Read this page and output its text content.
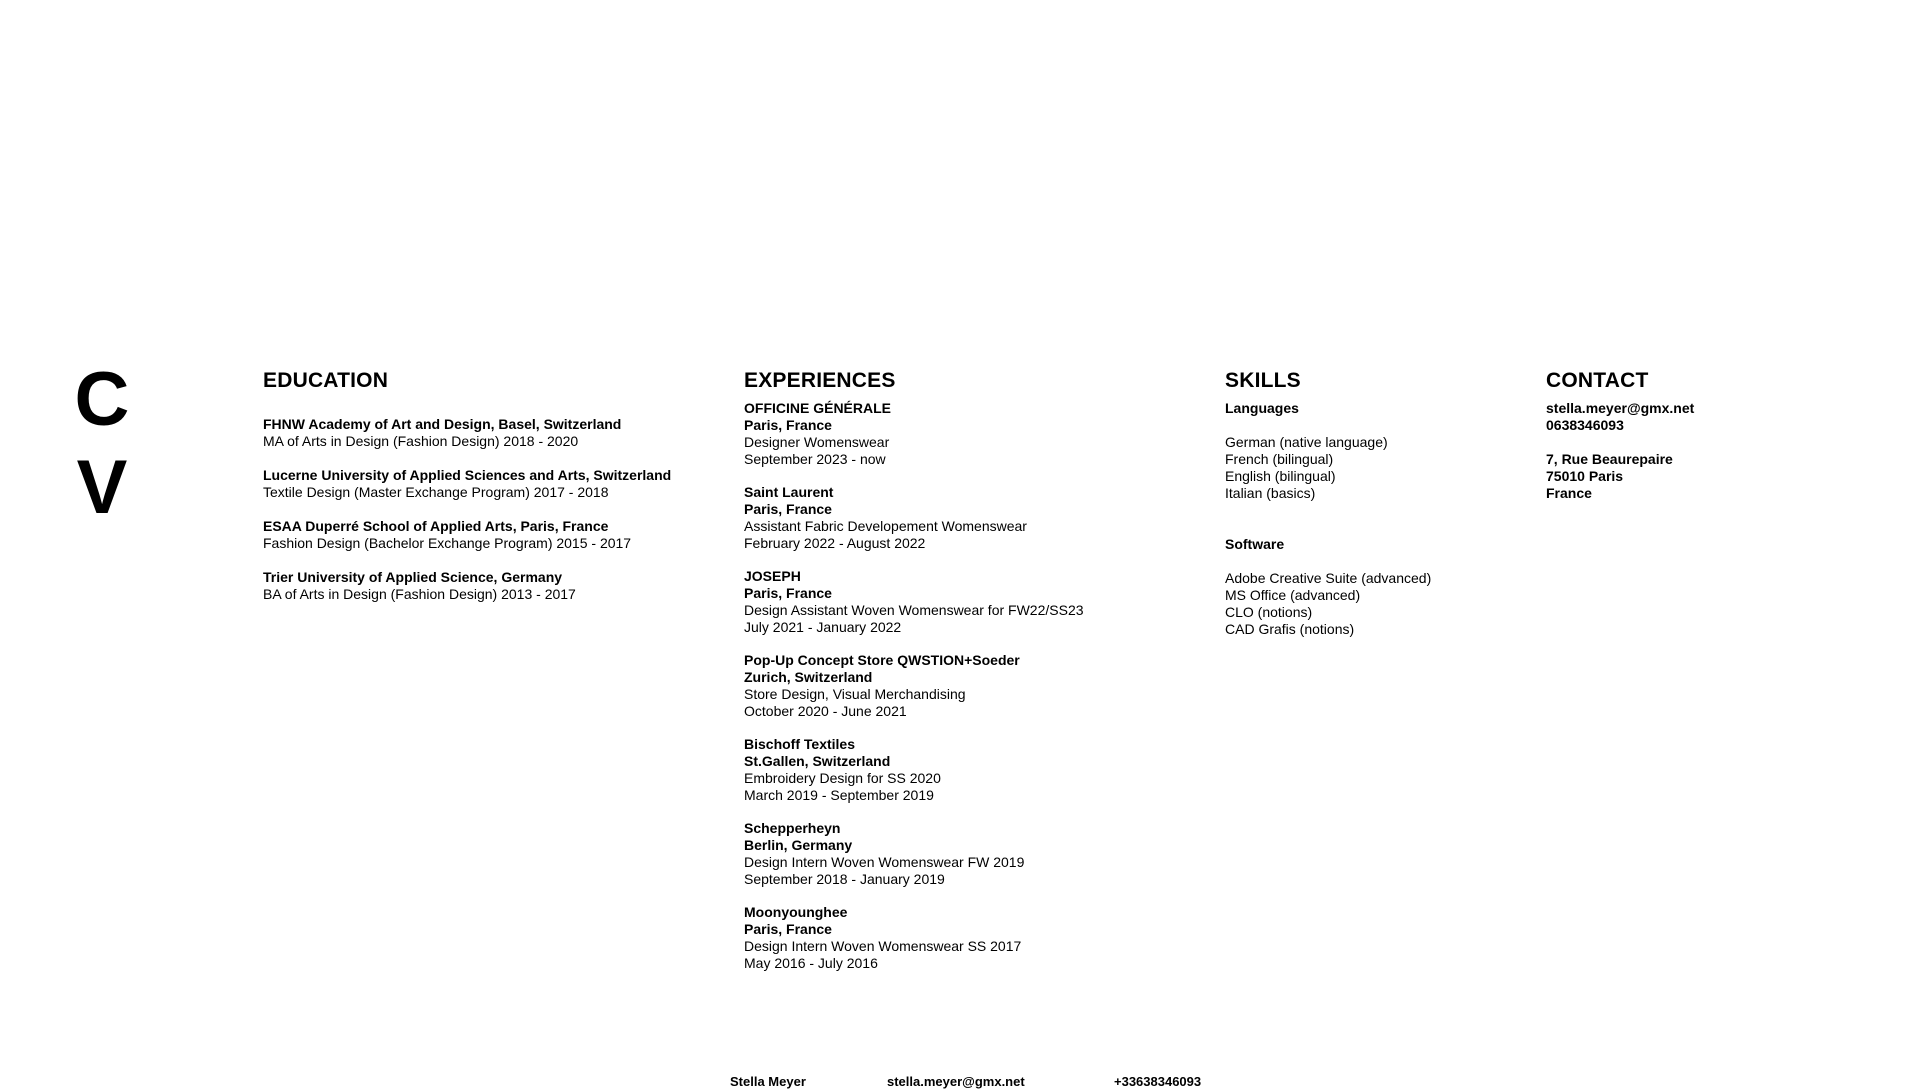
C
V
EDUCATION
FHNW Academy of Art and Design, Basel, Switzerland
MA of Arts in Design (Fashion Design) 2018 - 2020
Lucerne University of Applied Sciences and Arts, Switzerland
Textile Design (Master Exchange Program) 2017 - 2018
ESAA Duperré School of Applied Arts, Paris, France
Fashion Design (Bachelor Exchange Program) 2015 - 2017
Trier University of Applied Science, Germany
BA of Arts in Design (Fashion Design) 2013 - 2017
EXPERIENCES
OFFICINE GÉNÉRALE
Paris, France
Designer Womenswear
September 2023 - now
Saint Laurent
Paris, France
Assistant Fabric Developement Womenswear
February 2022 - August 2022
JOSEPH
Paris, France
Design Assistant Woven Womenswear for FW22/SS23
July 2021 - January 2022
Pop-Up Concept Store QWSTION+Soeder
Zurich, Switzerland
Store Design, Visual Merchandising
October 2020 - June 2021
Bischoff Textiles
St.Gallen, Switzerland
Embroidery Design for SS 2020
March 2019 - September 2019
Schepperheyn
Berlin, Germany
Design Intern Woven Womenswear FW 2019
September 2018 - January 2019
Moonyounghee
Paris, France
Design Intern Woven Womenswear SS 2017
May 2016 - July 2016
SKILLS
Languages
German (native language)
French (bilingual)
English (bilingual)
Italian (basics)
Software
Adobe Creative Suite (advanced)
MS Office (advanced)
CLO (notions)
CAD Grafis (notions)
CONTACT
stella.meyer@gmx.net
0638346093
7, Rue Beaurepaire
75010 Paris
France
Stella Meyer	stella.meyer@gmx.net	+33638346093
